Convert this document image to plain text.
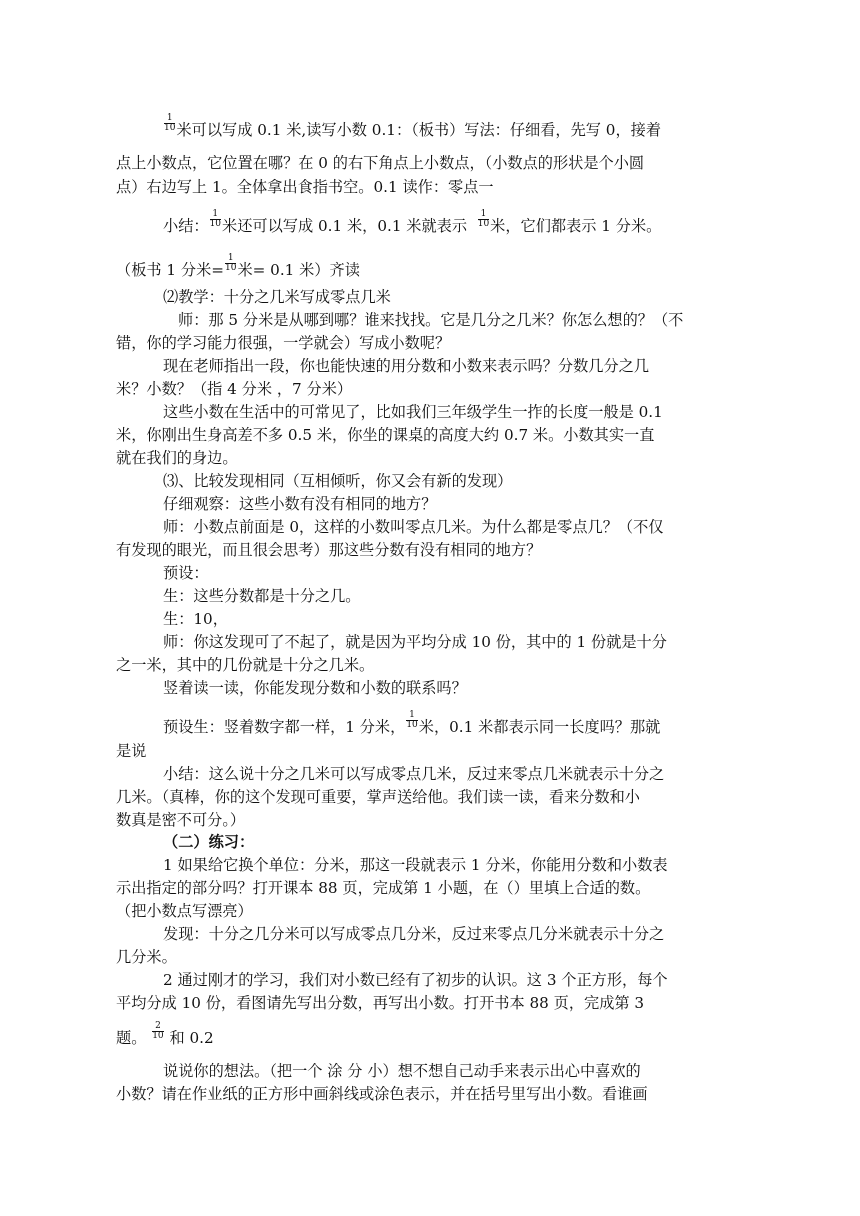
$\frac{1}{10}$ 米可以写成 0.1 米,读写小数 0.1：（板书）写法：仔细看，先写 0，接着
点上小数点，它位置在哪？在 0 的右下角点上小数点，（小数点的形状是个小圆
点）右边写上 1。全体拿出食指书空。0.1 读作：零点一
小结： $\frac{1}{10}$ 米还可以写成 0.1 米，0.1 米就表示 $\frac{1}{10}$ 米，它们都表示 1 分米。
（板书 1 分米= $\frac{1}{10}$ 米= 0.1 米）齐读
⑵教学：十分之几米写成零点几米
师：那 5 分米是从哪到哪？谁来找找。它是几分之几米？你怎么想的？（不
错，你的学习能力很强，一学就会）写成小数呢？
现在老师指出一段，你也能快速的用分数和小数来表示吗？分数几分之几
米？小数？（指 4 分米 ，7 分米）
这些小数在生活中的可常见了，比如我们三年级学生一拃的长度一般是 0.1
米，你刚出生身高差不多 0.5 米，你坐的课桌的高度大约 0.7 米。小数其实一直
就在我们的身边。
⑶、比较发现相同（互相倾听，你又会有新的发现）
仔细观察：这些小数有没有相同的地方？
师：小数点前面是 0，这样的小数叫零点几米。为什么都是零点几？（不仅
有发现的眼光，而且很会思考）那这些分数有没有相同的地方？
预设：
生：这些分数都是十分之几。
生：10，
师：你这发现可了不起了，就是因为平均分成 10 份，其中的 1 份就是十分
之一米，其中的几份就是十分之几米。
竖着读一读，你能发现分数和小数的联系吗？
预设生：竖着数字都一样，1 分米， $\frac{1}{10}$ 米，0.1 米都表示同一长度吗？那就
是说
小结：这么说十分之几米可以写成零点几米，反过来零点几米就表示十分之
几米。（真棒，你的这个发现可重要，掌声送给他。我们读一读，看来分数和小
数真是密不可分。）
（二）练习：
1 如果给它换个单位：分米，那这一段就表示 1 分米，你能用分数和小数表
示出指定的部分吗？打开课本 88 页，完成第 1 小题，在（）里填上合适的数。
（把小数点写漂亮）
发现：十分之几分米可以写成零点几分米，反过来零点几分米就表示十分之
几分米。
2 通过刚才的学习，我们对小数已经有了初步的认识。这 3 个正方形，每个
平均分成 10 份，看图请先写出分数，再写出小数。打开书本 88 页，完成第 3
题。 $\frac{2}{10}$ 和 0.2
说说你的想法。（把一个 涂 分 小）想不想自己动手来表示出心中喜欢的
小数？请在作业纸的正方形中画斜线或涂色表示，并在括号里写出小数。看谁画
